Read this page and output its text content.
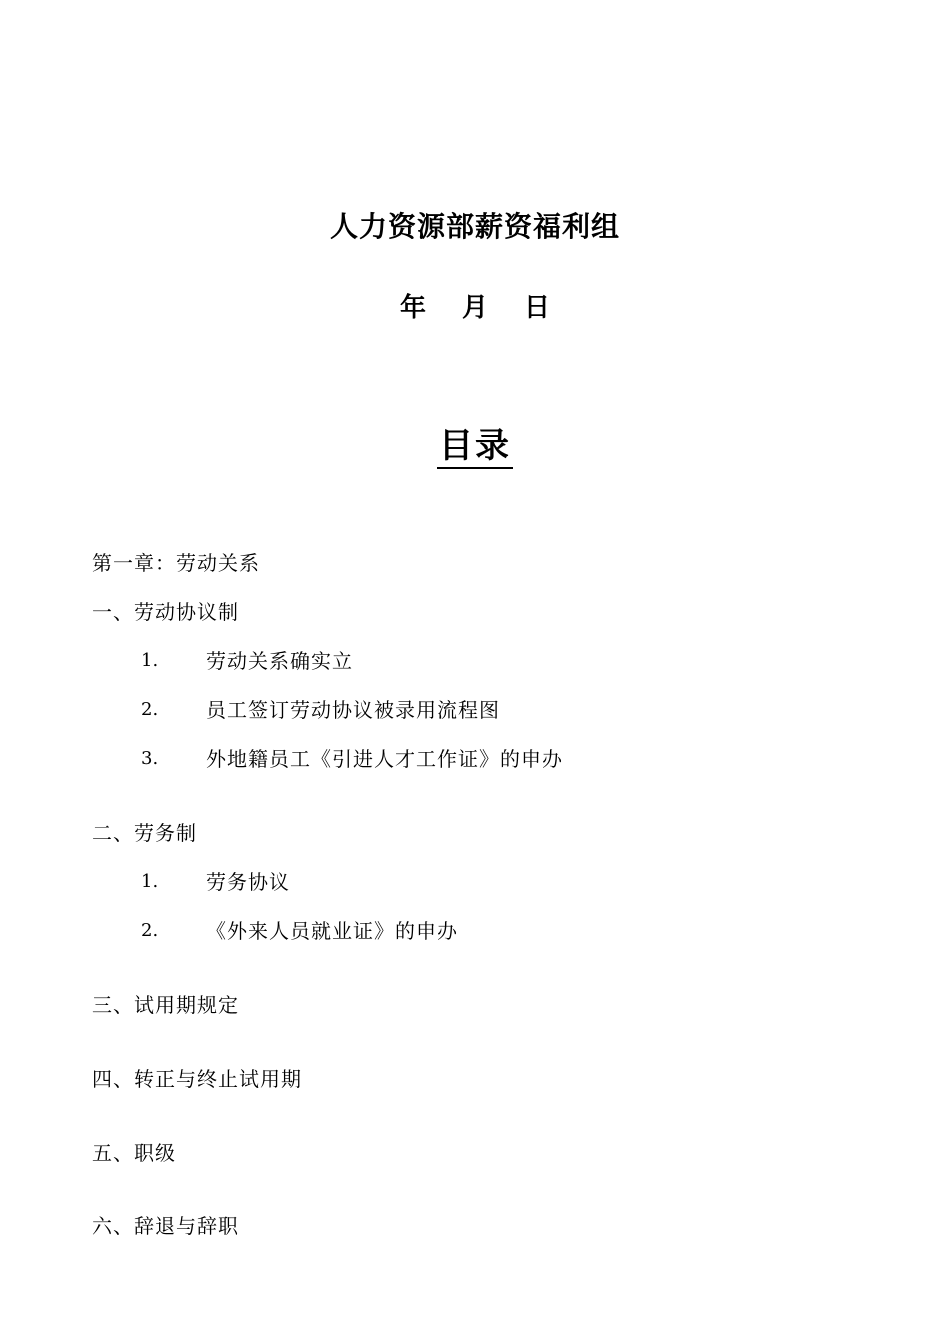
人力资源部薪资福利组
年 月 日
目录
第一章：劳动关系
一、劳动协议制
1. 劳动关系确实立
2. 员工签订劳动协议被录用流程图
3. 外地籍员工《引进人才工作证》的申办
二、劳务制
1. 劳务协议
2. 《外来人员就业证》的申办
三、试用期规定
四、转正与终止试用期
五、职级
六、辞退与辞职
